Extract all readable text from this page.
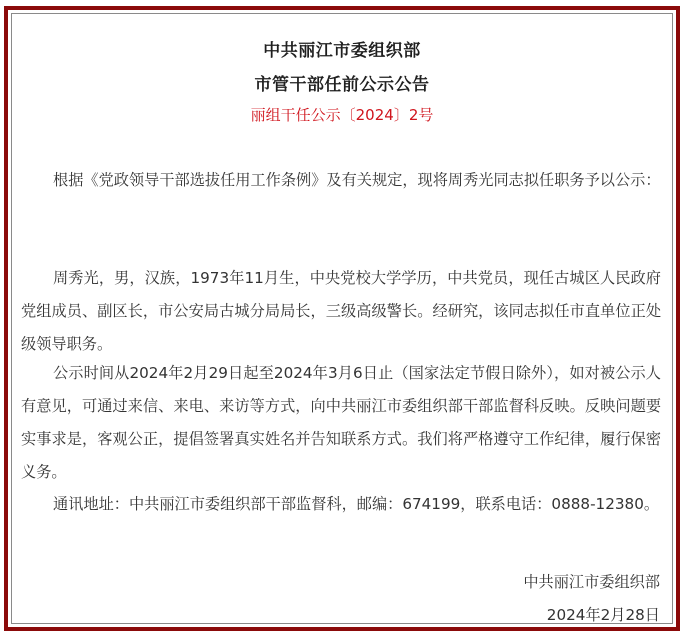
中共丽江市委组织部
市管干部任前公示公告
丽组干任公示〔2024〕2号

根据《党政领导干部选拔任用工作条例》及有关规定，现将周秀光同志拟任职务予以公示：

周秀光，男，汉族，1973年11月生，中央党校大学学历，中共党员，现任古城区人民政府党组成员、副区长，市公安局古城分局局长，三级高级警长。经研究，该同志拟任市直单位正处级领导职务。

公示时间从2024年2月29日起至2024年3月6日止（国家法定节假日除外），如对被公示人有意见，可通过来信、来电、来访等方式，向中共丽江市委组织部干部监督科反映。反映问题要实事求是，客观公正，提倡签署真实姓名并告知联系方式。我们将严格遵守工作纪律，履行保密义务。

通讯地址：中共丽江市委组织部干部监督科，邮编：674199，联系电话：0888-12380。

中共丽江市委组织部
2024年2月28日
